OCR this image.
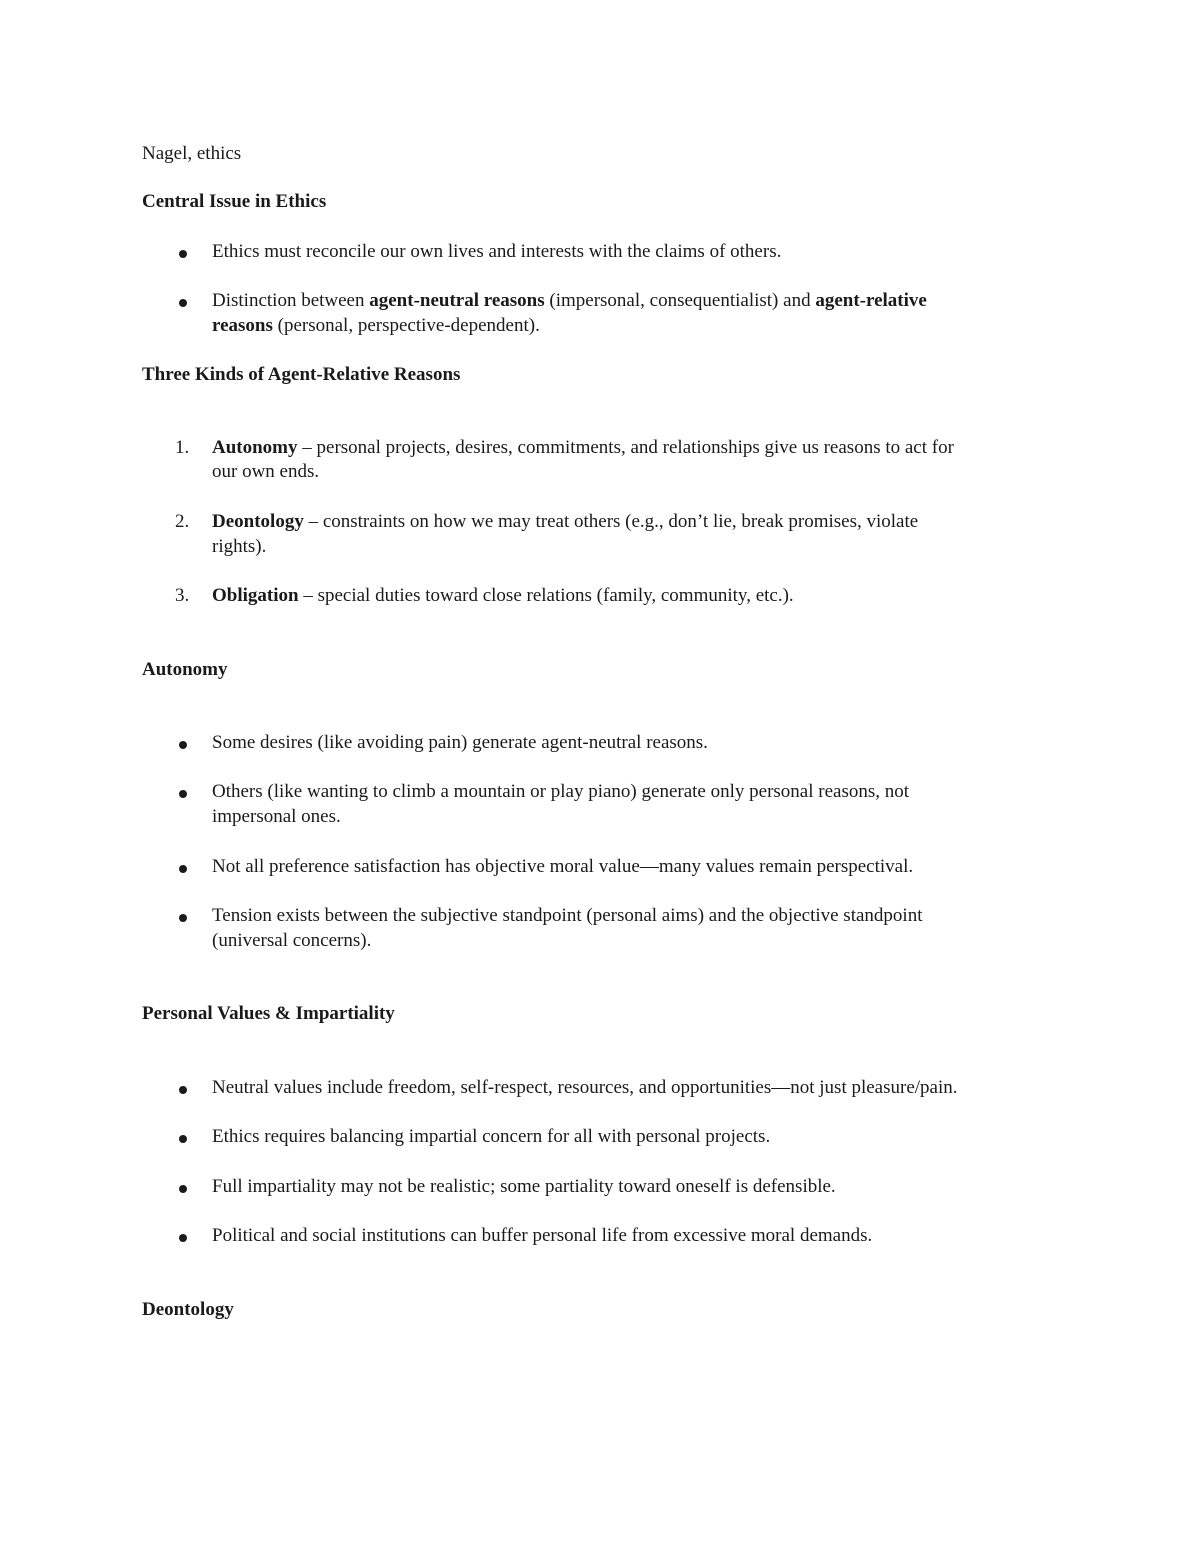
Nagel, ethics
Central Issue in Ethics
Ethics must reconcile our own lives and interests with the claims of others.
Distinction between agent-neutral reasons (impersonal, consequentialist) and agent-relative
reasons (personal, perspective-dependent).
Three Kinds of Agent-Relative Reasons
1. Autonomy – personal projects, desires, commitments, and relationships give us reasons to act for
our own ends.
2. Deontology – constraints on how we may treat others (e.g., don’t lie, break promises, violate
rights).
3. Obligation – special duties toward close relations (family, community, etc.).
Autonomy
Some desires (like avoiding pain) generate agent-neutral reasons.
Others (like wanting to climb a mountain or play piano) generate only personal reasons, not
impersonal ones.
Not all preference satisfaction has objective moral value—many values remain perspectival.
Tension exists between the subjective standpoint (personal aims) and the objective standpoint
(universal concerns).
Personal Values & Impartiality
Neutral values include freedom, self-respect, resources, and opportunities—not just pleasure/pain.
Ethics requires balancing impartial concern for all with personal projects.
Full impartiality may not be realistic; some partiality toward oneself is defensible.
Political and social institutions can buffer personal life from excessive moral demands.
Deontology
